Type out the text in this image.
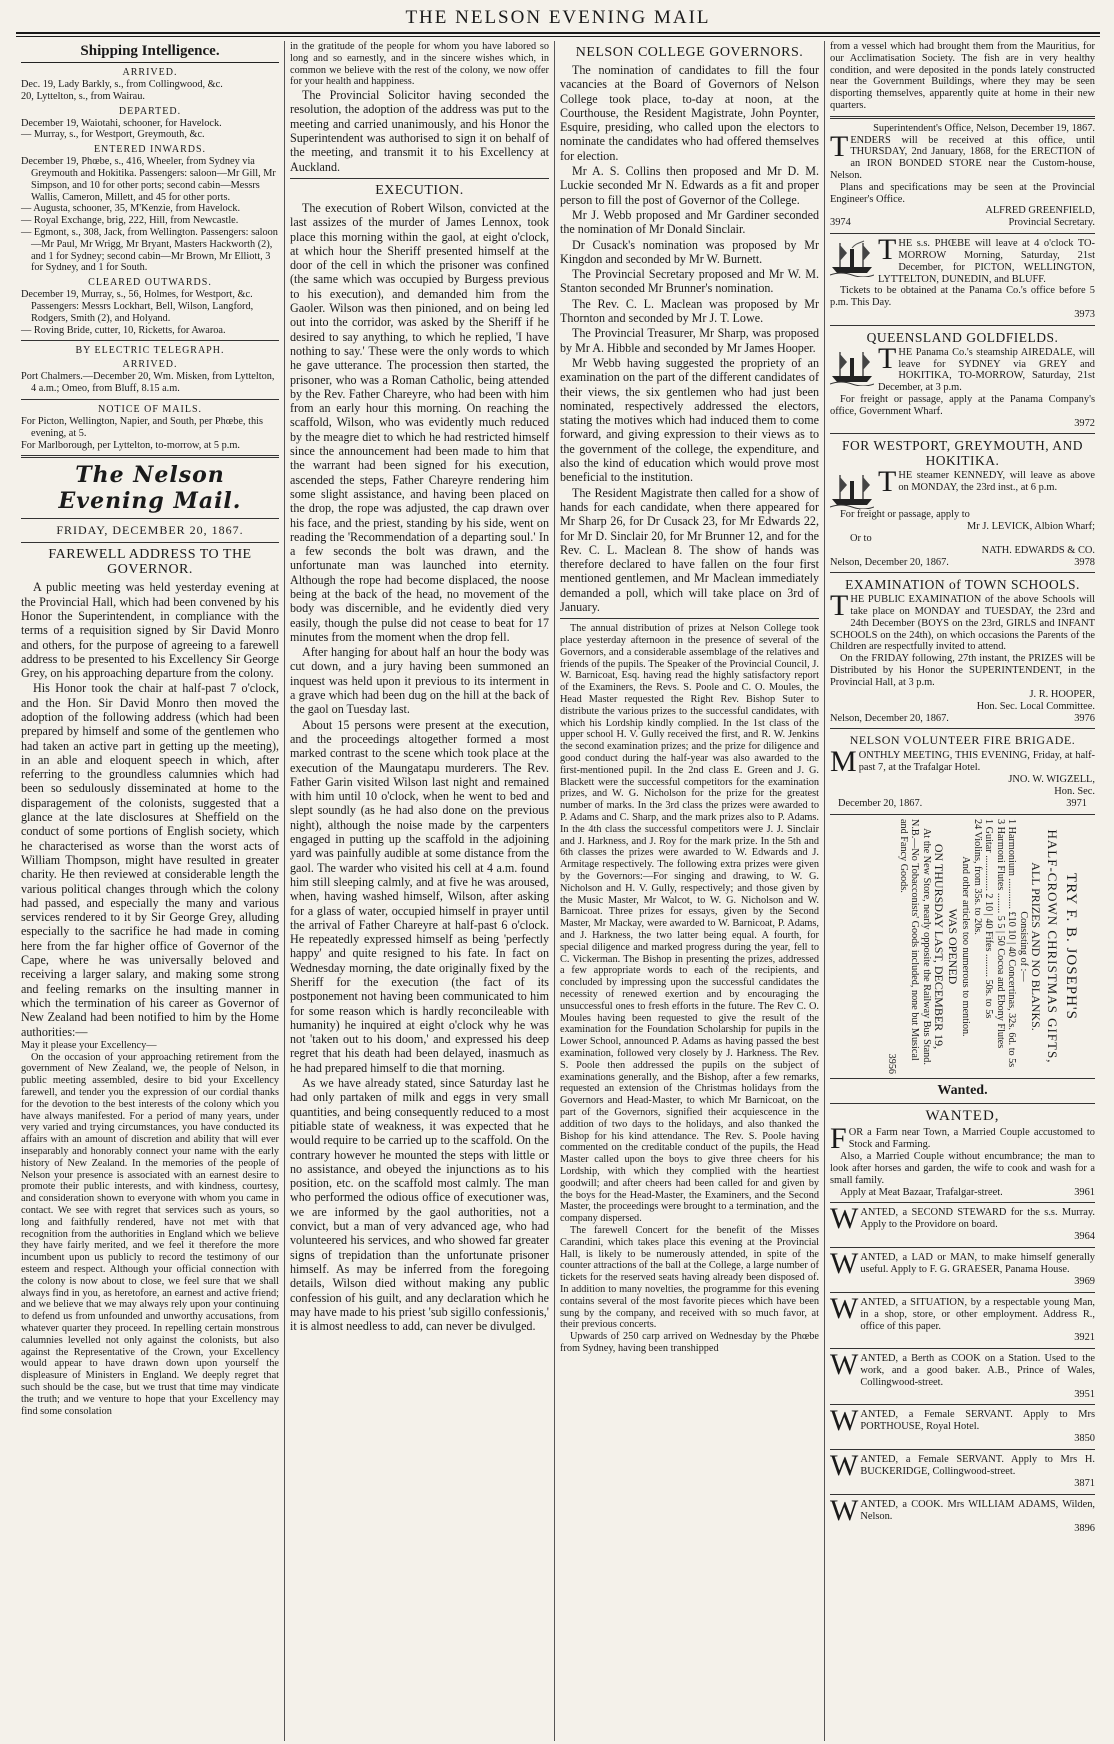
THE NELSON EVENING MAIL
Shipping Intelligence.
ARRIVED.

Dec. 19, Lady Barkly, s., from Collingwood, &c.

20, Lyttelton, s., from Wairau.

DEPARTED.

December 19, Waiotahi, schooner, for Havelock.

— Murray, s., for Westport, Greymouth, &c.

ENTERED INWARDS.

December 19, Phœbe, s., 416, Wheeler, from Sydney via Greymouth and Hokitika. Passengers: saloon—Mr Gill, Mr Simpson, and 10 for other ports; second cabin—Messrs Wallis, Cameron, Millett, and 45 for other ports.

— Augusta, schooner, 35, M'Kenzie, from Havelock.

— Royal Exchange, brig, 222, Hill, from Newcastle.

— Egmont, s., 308, Jack, from Wellington. Passengers: saloon—Mr Paul, Mr Wrigg, Mr Bryant, Masters Hackworth (2), and 1 for Sydney; second cabin—Mr Brown, Mr Elliott, 3 for Sydney, and 1 for South.

CLEARED OUTWARDS.

December 19, Murray, s., 56, Holmes, for Westport, &c. Passengers: Messrs Lockhart, Bell, Wilson, Langford, Rodgers, Smith (2), and Holyand.

— Roving Bride, cutter, 10, Ricketts, for Awaroa.

BY ELECTRIC TELEGRAPH.
ARRIVED.

Port Chalmers.—December 20, Wm. Misken, from Lyttelton, 4 a.m.; Omeo, from Bluff, 8.15 a.m.

NOTICE OF MAILS.

For Picton, Wellington, Napier, and South, per Phœbe, this evening, at 5.

For Marlborough, per Lyttelton, to-morrow, at 5 p.m.

The Nelson Evening Mail.
FRIDAY, DECEMBER 20, 1867.
FAREWELL ADDRESS TO THE GOVERNOR.

A public meeting was held yesterday evening at the Provincial Hall, which had been convened by his Honor the Superintendent, in compliance with the terms of a requisition signed by Sir David Monro and others, for the purpose of agreeing to a farewell address to be presented to his Excellency Sir George Grey, on his approaching departure from the colony.

His Honor took the chair at half-past 7 o'clock, and the Hon. Sir David Monro then moved the adoption of the following address (which had been prepared by himself and some of the gentlemen who had taken an active part in getting up the meeting), in an able and eloquent speech in which, after referring to the groundless calumnies which had been so sedulously disseminated at home to the disparagement of the colonists, suggested that a glance at the late disclosures at Sheffield on the conduct of some portions of English society, which he characterised as worse than the worst acts of William Thompson, might have resulted in greater charity. He then reviewed at considerable length the various political changes through which the colony had passed, and especially the many and various services rendered to it by Sir George Grey, alluding especially to the sacrifice he had made in coming here from the far higher office of Governor of the Cape, where he was universally beloved and receiving a larger salary, and making some strong and feeling remarks on the insulting manner in which the termination of his career as Governor of New Zealand had been notified to him by the Home authorities:—

May it please your Excellency—

On the occasion of your approaching retirement from the government of New Zealand, we, the people of Nelson, in public meeting assembled, desire to bid your Excellency farewell, and tender you the expression of our cordial thanks for the devotion to the best interests of the colony which you have always manifested. For a period of many years, under very varied and trying circumstances, you have conducted its affairs with an amount of discretion and ability that will ever inseparably and honorably connect your name with the early history of New Zealand. In the memories of the people of Nelson your presence is associated with an earnest desire to promote their public interests, and with kindness, courtesy, and consideration shown to everyone with whom you came in contact. We see with regret that services such as yours, so long and faithfully rendered, have not met with that recognition from the authorities in England which we believe they have fairly merited, and we feel it therefore the more incumbent upon us publicly to record the testimony of our esteem and respect. Although your official connection with the colony is now about to close, we feel sure that we shall always find in you, as heretofore, an earnest and active friend; and we believe that we may always rely upon your continuing to defend us from unfounded and unworthy accusations, from whatever quarter they proceed. In repelling certain monstrous calumnies levelled not only against the colonists, but also against the Representative of the Crown, your Excellency would appear to have drawn down upon yourself the displeasure of Ministers in England. We deeply regret that such should be the case, but we trust that time may vindicate the truth; and we venture to hope that your Excellency may find some consolation

in the gratitude of the people for whom you have labored so long and so earnestly, and in the sincere wishes which, in common we believe with the rest of the colony, we now offer for your health and happiness.

The Provincial Solicitor having seconded the resolution, the adoption of the address was put to the meeting and carried unanimously, and his Honor the Superintendent was authorised to sign it on behalf of the meeting, and transmit it to his Excellency at Auckland.

EXECUTION.

The execution of Robert Wilson, convicted at the last assizes of the murder of James Lennox, took place this morning within the gaol, at eight o'clock, at which hour the Sheriff presented himself at the door of the cell in which the prisoner was confined (the same which was occupied by Burgess previous to his execution), and demanded him from the Gaoler. Wilson was then pinioned, and on being led out into the corridor, was asked by the Sheriff if he desired to say anything, to which he replied, 'I have nothing to say.' These were the only words to which he gave utterance. The procession then started, the prisoner, who was a Roman Catholic, being attended by the Rev. Father Chareyre, who had been with him from an early hour this morning. On reaching the scaffold, Wilson, who was evidently much reduced by the meagre diet to which he had restricted himself since the announcement had been made to him that the warrant had been signed for his execution, ascended the steps, Father Chareyre rendering him some slight assistance, and having been placed on the drop, the rope was adjusted, the cap drawn over his face, and the priest, standing by his side, went on reading the 'Recommendation of a departing soul.' In a few seconds the bolt was drawn, and the unfortunate man was launched into eternity. Although the rope had become displaced, the noose being at the back of the head, no movement of the body was discernible, and he evidently died very easily, though the pulse did not cease to beat for 17 minutes from the moment when the drop fell.

After hanging for about half an hour the body was cut down, and a jury having been summoned an inquest was held upon it previous to its interment in a grave which had been dug on the hill at the back of the gaol on Tuesday last.

About 15 persons were present at the execution, and the proceedings altogether formed a most marked contrast to the scene which took place at the execution of the Maungatapu murderers. The Rev. Father Garin visited Wilson last night and remained with him until 10 o'clock, when he went to bed and slept soundly (as he had also done on the previous night), although the noise made by the carpenters engaged in putting up the scaffold in the adjoining yard was painfully audible at some distance from the gaol. The warder who visited his cell at 4 a.m. found him still sleeping calmly, and at five he was aroused, when, having washed himself, Wilson, after asking for a glass of water, occupied himself in prayer until the arrival of Father Chareyre at half-past 6 o'clock. He repeatedly expressed himself as being 'perfectly happy' and quite resigned to his fate. In fact on Wednesday morning, the date originally fixed by the Sheriff for the execution (the fact of its postponement not having been communicated to him for some reason which is hardly reconcileable with humanity) he inquired at eight o'clock why he was not 'taken out to his doom,' and expressed his deep regret that his death had been delayed, inasmuch as he had prepared himself to die that morning.

As we have already stated, since Saturday last he had only partaken of milk and eggs in very small quantities, and being consequently reduced to a most pitiable state of weakness, it was expected that he would require to be carried up to the scaffold. On the contrary however he mounted the steps with little or no assistance, and obeyed the injunctions as to his position, etc. on the scaffold most calmly. The man who performed the odious office of executioner was, we are informed by the gaol authorities, not a convict, but a man of very advanced age, who had volunteered his services, and who showed far greater signs of trepidation than the unfortunate prisoner himself. As may be inferred from the foregoing details, Wilson died without making any public confession of his guilt, and any declaration which he may have made to his priest 'sub sigillo confessionis,' it is almost needless to add, can never be divulged.

NELSON COLLEGE GOVERNORS.

The nomination of candidates to fill the four vacancies at the Board of Governors of Nelson College took place, to-day at noon, at the Courthouse, the Resident Magistrate, John Poynter, Esquire, presiding, who called upon the electors to nominate the candidates who had offered themselves for election.

Mr A. S. Collins then proposed and Mr D. M. Luckie seconded Mr N. Edwards as a fit and proper person to fill the post of Governor of the College.

Mr J. Webb proposed and Mr Gardiner seconded the nomination of Mr Donald Sinclair.

Dr Cusack's nomination was proposed by Mr Kingdon and seconded by Mr W. Burnett.

The Provincial Secretary proposed and Mr W. M. Stanton seconded Mr Brunner's nomination.

The Rev. C. L. Maclean was proposed by Mr Thornton and seconded by Mr J. T. Lowe.

The Provincial Treasurer, Mr Sharp, was proposed by Mr A. Hibble and seconded by Mr James Hooper.

Mr Webb having suggested the propriety of an examination on the part of the different candidates of their views, the six gentlemen who had just been nominated, respectively addressed the electors, stating the motives which had induced them to come forward, and giving expression to their views as to the government of the college, the expenditure, and also the kind of education which would prove most beneficial to the institution.

The Resident Magistrate then called for a show of hands for each candidate, when there appeared for Mr Sharp 26, for Dr Cusack 23, for Mr Edwards 22, for Mr D. Sinclair 20, for Mr Brunner 12, and for the Rev. C. L. Maclean 8. The show of hands was therefore declared to have fallen on the four first mentioned gentlemen, and Mr Maclean immediately demanded a poll, which will take place on 3rd of January.

The annual distribution of prizes at Nelson College took place yesterday afternoon in the presence of several of the Governors, and a considerable assemblage of the relatives and friends of the pupils. The Speaker of the Provincial Council, J. W. Barnicoat, Esq. having read the highly satisfactory report of the Examiners, the Revs. S. Poole and C. O. Moules, the Head Master requested the Right Rev. Bishop Suter to distribute the various prizes to the successful candidates, with which his Lordship kindly complied. In the 1st class of the upper school H. V. Gully received the first, and R. W. Jenkins the second examination prizes; and the prize for diligence and good conduct during the half-year was also awarded to the first-mentioned pupil. In the 2nd class E. Green and J. G. Blackett were the successful competitors for the examination prizes, and W. G. Nicholson for the prize for the greatest number of marks. In the 3rd class the prizes were awarded to P. Adams and C. Sharp, and the mark prizes also to P. Adams. In the 4th class the successful competitors were J. J. Sinclair and J. Harkness, and J. Roy for the mark prize. In the 5th and 6th classes the prizes were awarded to W. Edwards and J. Armitage respectively. The following extra prizes were given by the Governors:—For singing and drawing, to W. G. Nicholson and H. V. Gully, respectively; and those given by the Music Master, Mr Walcot, to W. G. Nicholson and W. Barnicoat. Three prizes for essays, given by the Second Master, Mr Mackay, were awarded to W. Barnicoat, P. Adams, and J. Harkness, the two latter being equal. A fourth, for special diligence and marked progress during the year, fell to C. Vickerman. The Bishop in presenting the prizes, addressed a few appropriate words to each of the recipients, and concluded by impressing upon the successful candidates the necessity of renewed exertion and by encouraging the unsuccessful ones to fresh efforts in the future. The Rev C. O. Moules having been requested to give the result of the examination for the Foundation Scholarship for pupils in the Lower School, announced P. Adams as having passed the best examination, followed very closely by J. Harkness. The Rev. S. Poole then addressed the pupils on the subject of examinations generally, and the Bishop, after a few remarks, requested an extension of the Christmas holidays from the Governors and Head-Master, to which Mr Barnicoat, on the part of the Governors, signified their acquiescence in the addition of two days to the holidays, and also thanked the Bishop for his kind attendance. The Rev. S. Poole having commented on the creditable conduct of the pupils, the Head Master called upon the boys to give three cheers for his Lordship, with which they complied with the heartiest goodwill; and after cheers had been called for and given by the boys for the Head-Master, the Examiners, and the Second Master, the proceedings were brought to a termination, and the company dispersed.

The farewell Concert for the benefit of the Misses Carandini, which takes place this evening at the Provincial Hall, is likely to be numerously attended, in spite of the counter attractions of the ball at the College, a large number of tickets for the reserved seats having already been disposed of. In addition to many novelties, the programme for this evening contains several of the most favorite pieces which have been sung by the company, and received with so much favor, at their previous concerts.

Upwards of 250 carp arrived on Wednesday by the Phœbe from Sydney, having been transhipped

from a vessel which had brought them from the Mauritius, for our Acclimatisation Society. The fish are in very healthy condition, and were deposited in the ponds lately constructed near the Government Buildings, where they may be seen disporting themselves, apparently quite at home in their new quarters.

Superintendent's Office, Nelson, December 19, 1867.

TENDERS will be received at this office, until THURSDAY, 2nd January, 1868, for the ERECTION of an IRON BONDED STORE near the Custom-house, Nelson.

Plans and specifications may be seen at the Provincial Engineer's Office.

ALFRED GREENFIELD,

3974	Provincial Secretary.

THE s.s. PHŒBE will leave at 4 o'clock TO-MORROW Morning, Saturday, 21st December, for PICTON, WELLINGTON, LYTTELTON, DUNEDIN, and BLUFF.

Tickets to be obtained at the Panama Co.'s office before 5 p.m. This Day.

3973

QUEENSLAND GOLDFIELDS.

THE Panama Co.'s steamship AIREDALE, will leave for SYDNEY via GREY and HOKITIKA, TO-MORROW, Saturday, 21st December, at 3 p.m.

For freight or passage, apply at the Panama Company's office, Government Wharf.

3972

FOR WESTPORT, GREYMOUTH, AND HOKITIKA.

THE steamer KENNEDY, will leave as above on MONDAY, the 23rd inst., at 6 p.m.

For freight or passage, apply to

Mr J. LEVICK, Albion Wharf;

Or to

NATH. EDWARDS & CO.

Nelson, December 20, 1867.	3978

EXAMINATION of TOWN SCHOOLS.

THE PUBLIC EXAMINATION of the above Schools will take place on MONDAY and TUESDAY, the 23rd and 24th December (BOYS on the 23rd, GIRLS and INFANT SCHOOLS on the 24th), on which occasions the Parents of the Children are respectfully invited to attend.

On the FRIDAY following, 27th instant, the PRIZES will be Distributed by his Honor the SUPERINTENDENT, in the Provincial Hall, at 3 p.m.

J. R. HOOPER,

Hon. Sec. Local Committee.

Nelson, December 20, 1867.	3976

NELSON VOLUNTEER FIRE BRIGADE.

MONTHLY MEETING, THIS EVENING, Friday, at half-past 7, at the Trafalgar Hotel.

JNO. W. WIGZELL,

Hon. Sec.

December 20, 1867.	3971

TRY F. B. JOSEPH'S
HALF-CROWN CHRISTMAS GIFTS,
ALL PRIZES AND NO BLANKS.
Consisting of :—
1 Harmonium ............ £10 10 | 40 Concertinas, 32s. 6d. to 5s
3 Harmoni Flutes ........ 5 5 | 50 Cocoa and Ebony Flutes
1 Guitar .............. 2 10 | 40 Fifes ......... 50s. to 5s
24 Violins, from 35s. to 20s.
And other articles too numerous to mention.
WAS OPENED
ON THURSDAY LAST, DECEMBER 19,
At the New Store, nearly opposite the Railway Bus Stand.
N.B.—No Tobacconists' Goods included, none but Musical and Fancy Goods.
3956
Wanted.
WANTED,

FOR a Farm near Town, a Married Couple accustomed to Stock and Farming.

Also, a Married Couple without encumbrance; the man to look after horses and garden, the wife to cook and wash for a small family.

Apply at Meat Bazaar, Trafalgar-street.	3961

WANTED, a SECOND STEWARD for the s.s. Murray. Apply to the Providore on board.

3964

WANTED, a LAD or MAN, to make himself generally useful. Apply to F. G. GRAESER, Panama House.

3969

WANTED, a SITUATION, by a respectable young Man, in a shop, store, or other employment. Address R., office of this paper.

3921

WANTED, a Berth as COOK on a Station. Used to the work, and a good baker. A.B., Prince of Wales, Collingwood-street.

3951

WANTED, a Female SERVANT. Apply to Mrs PORTHOUSE, Royal Hotel.

3850

WANTED, a Female SERVANT. Apply to Mrs H. BUCKERIDGE, Collingwood-street.

3871

WANTED, a COOK. Mrs WILLIAM ADAMS, Wilden, Nelson.

3896
